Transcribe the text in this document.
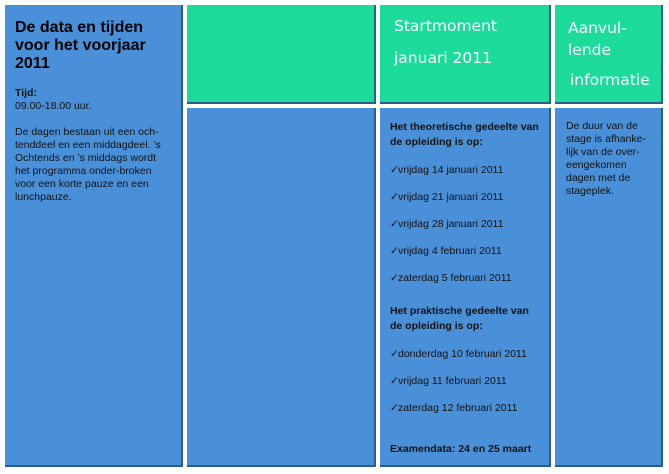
De data en tijden voor het voorjaar 2011
Tijd:
09.00-18.00 uur.
De dagen bestaan uit een och-tenddeel en een middagdeel. ’s Ochtends en ’s middags wordt het programma onder-broken voor een korte pauze en een lunchpauze.
Startmoment
januari 2011
Aanvul-
lende
informatie
Het theoretische gedeelte van de opleiding is op:
✓vrijdag 14 januari 2011
✓vrijdag 21 januari 2011
✓vrijdag 28 januari 2011
✓vrijdag 4 februari 2011
✓zaterdag 5 februari 2011
Het praktische gedeelte van de opleiding is op:
✓donderdag 10 februari 2011
✓vrijdag 11 februari 2011
✓zaterdag 12 februari 2011
Examendata: 24 en 25 maart
De duur van de stage is afhanke-lijk van de over-eengekomen dagen met de stageplek.
